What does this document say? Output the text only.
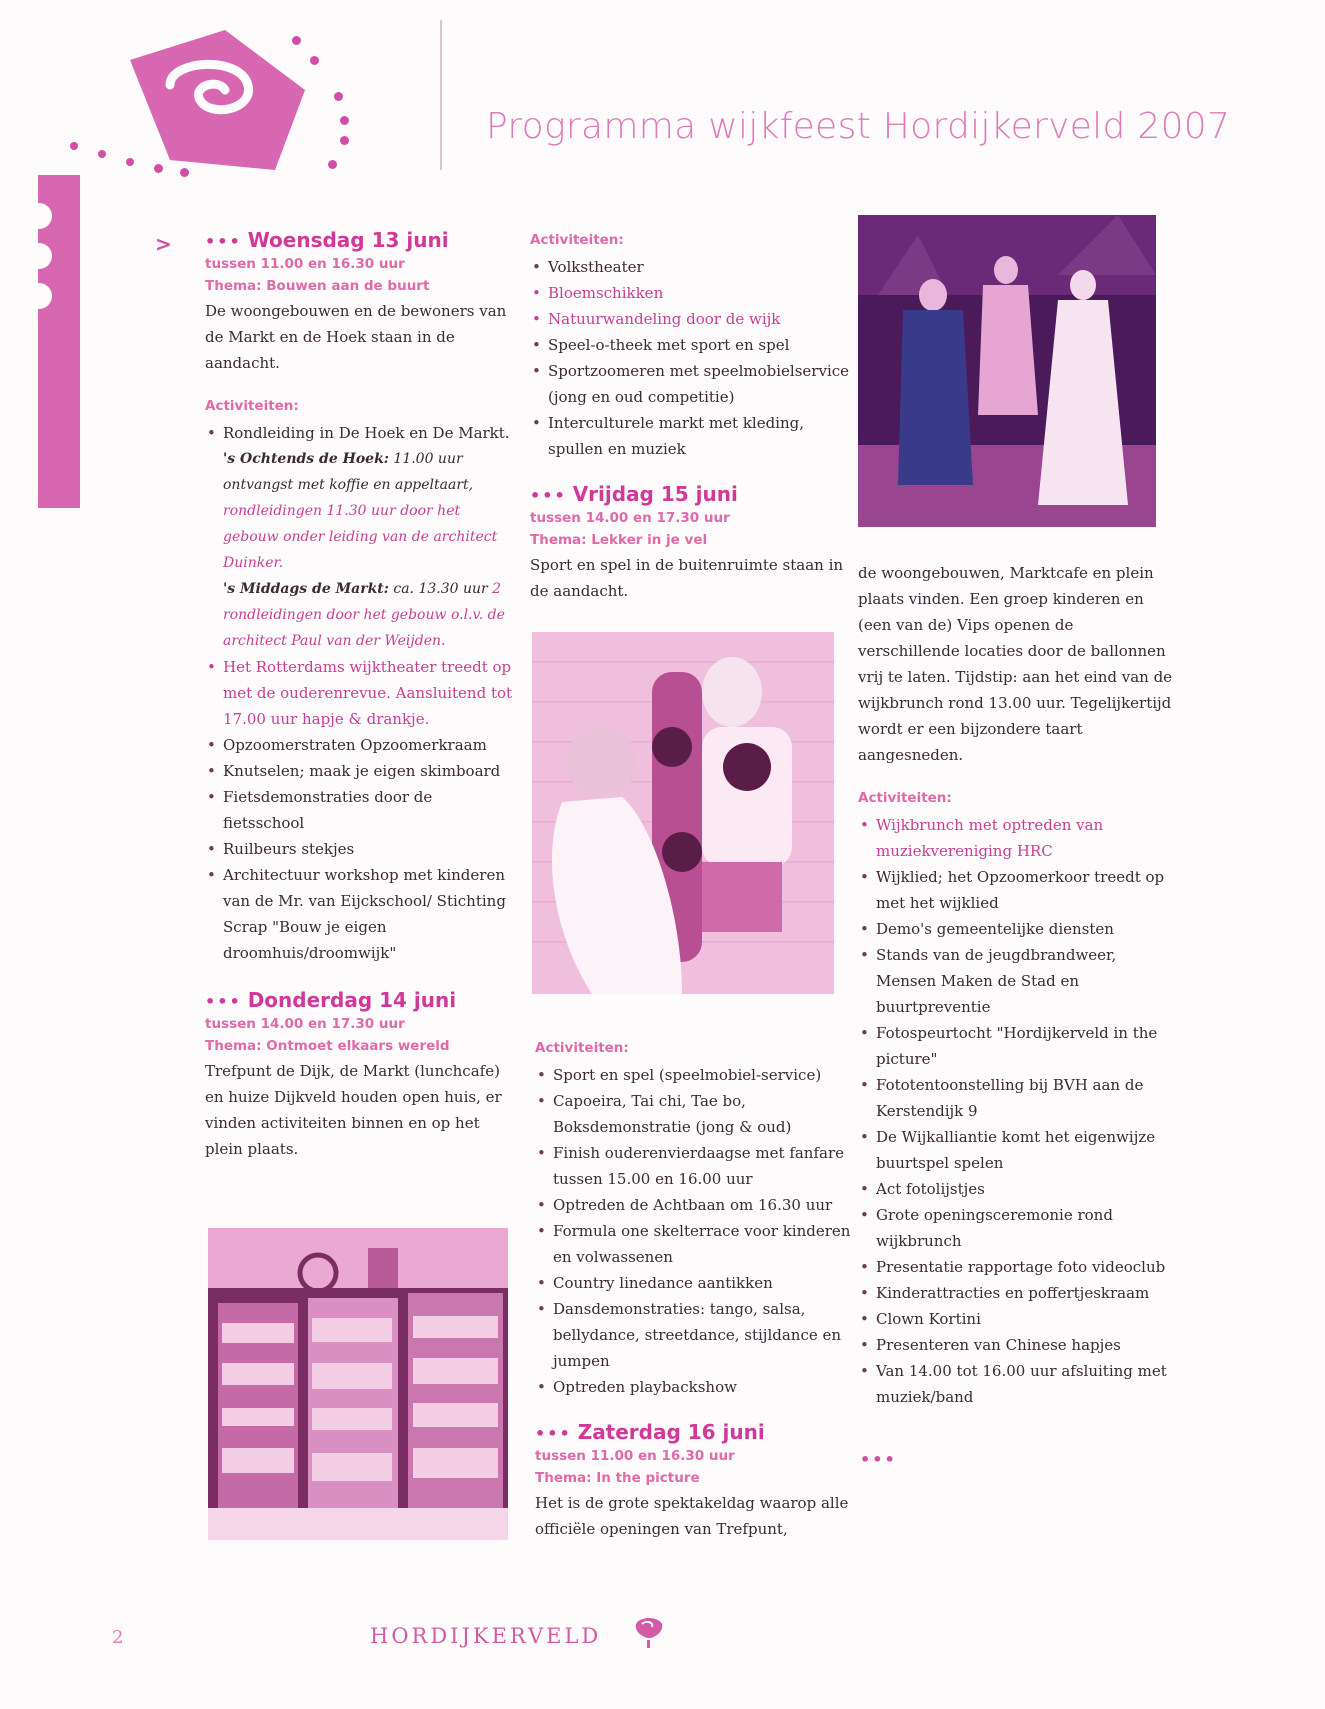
Programma wijkfeest Hordijkerveld 2007
> ••• Woensdag 13 juni
tussen 11.00 en 16.30 uur
Thema: Bouwen aan de buurt

De woongebouwen en de bewoners van de Markt en de Hoek staan in de aandacht.

Activiteiten:
• Rondleiding in De Hoek en De Markt.
's Ochtends de Hoek: 11.00 uur ontvangst met koffie en appeltaart, rondleidingen 11.30 uur door het gebouw onder leiding van de architect Duinker.
's Middags de Markt: ca. 13.30 uur 2 rondleidingen door het gebouw o.l.v. de architect Paul van der Weijden.
• Het Rotterdams wijktheater treedt op met de ouderenrevue. Aansluitend tot 17.00 uur hapje & drankje.
• Opzoomerstraten Opzoomerkraam
• Knutselen; maak je eigen skimboard
• Fietsdemonstraties door de fietsschool
• Ruilbeurs stekjes
• Architectuur workshop met kinderen van de Mr. van Eijckschool/ Stichting Scrap "Bouw je eigen droomhuis/droomwijk"
••• Donderdag 14 juni
tussen 14.00 en 17.30 uur
Thema: Ontmoet elkaars wereld

Trefpunt de Dijk, de Markt (lunchcafe) en huize Dijkveld houden open huis, er vinden activiteiten binnen en op het plein plaats.

Activiteiten:
• Volkstheater
• Bloemschikken
• Natuurwandeling door de wijk
• Speel-o-theek met sport en spel
• Sportzoomeren met speelmobielservice (jong en oud competitie)
• Interculturele markt met kleding, spullen en muziek
••• Vrijdag 15 juni
tussen 14.00 en 17.30 uur
Thema: Lekker in je vel

Sport en spel in de buitenruimte staan in de aandacht.

Activiteiten:
• Sport en spel (speelmobiel-service)
• Capoeira, Tai chi, Tae bo, Boksdemonstratie (jong & oud)
• Finish ouderenvierdaagse met fanfare tussen 15.00 en 16.00 uur
• Optreden de Achtbaan om 16.30 uur
• Formula one skelterrace voor kinderen en volwassenen
• Country linedance aantikken
• Dansdemonstraties: tango, salsa, bellydance, streetdance, stijldance en jumpen
• Optreden playbackshow
••• Zaterdag 16 juni
tussen 11.00 en 16.30 uur
Thema: In the picture

Het is de grote spektakeldag waarop alle officiële openingen van Trefpunt,

de woongebouwen, Marktcafe en plein plaats vinden. Een groep kinderen en (een van de) Vips openen de verschillende locaties door de ballonnen vrij te laten. Tijdstip: aan het eind van de wijkbrunch rond 13.00 uur. Tegelijkertijd wordt er een bijzondere taart aangesneden.

Activiteiten:
• Wijkbrunch met optreden van muziekvereniging HRC
• Wijklied; het Opzoomerkoor treedt op met het wijklied
• Demo's gemeentelijke diensten
• Stands van de jeugdbrandweer, Mensen Maken de Stad en buurtpreventie
• Fotospeurtocht "Hordijkerveld in the picture"
• Fototentoonstelling bij BVH aan de Kerstendijk 9
• De Wijkalliantie komt het eigenwijze buurtspel spelen
• Act fotolijstjes
• Grote openingsceremonie rond wijkbrunch
• Presentatie rapportage foto videoclub
• Kinderattracties en poffertjeskraam
• Clown Kortini
• Presenteren van Chinese hapjes
• Van 14.00 tot 16.00 uur afsluiting met muziek/band
•••
2	HORDIJKERVELD
